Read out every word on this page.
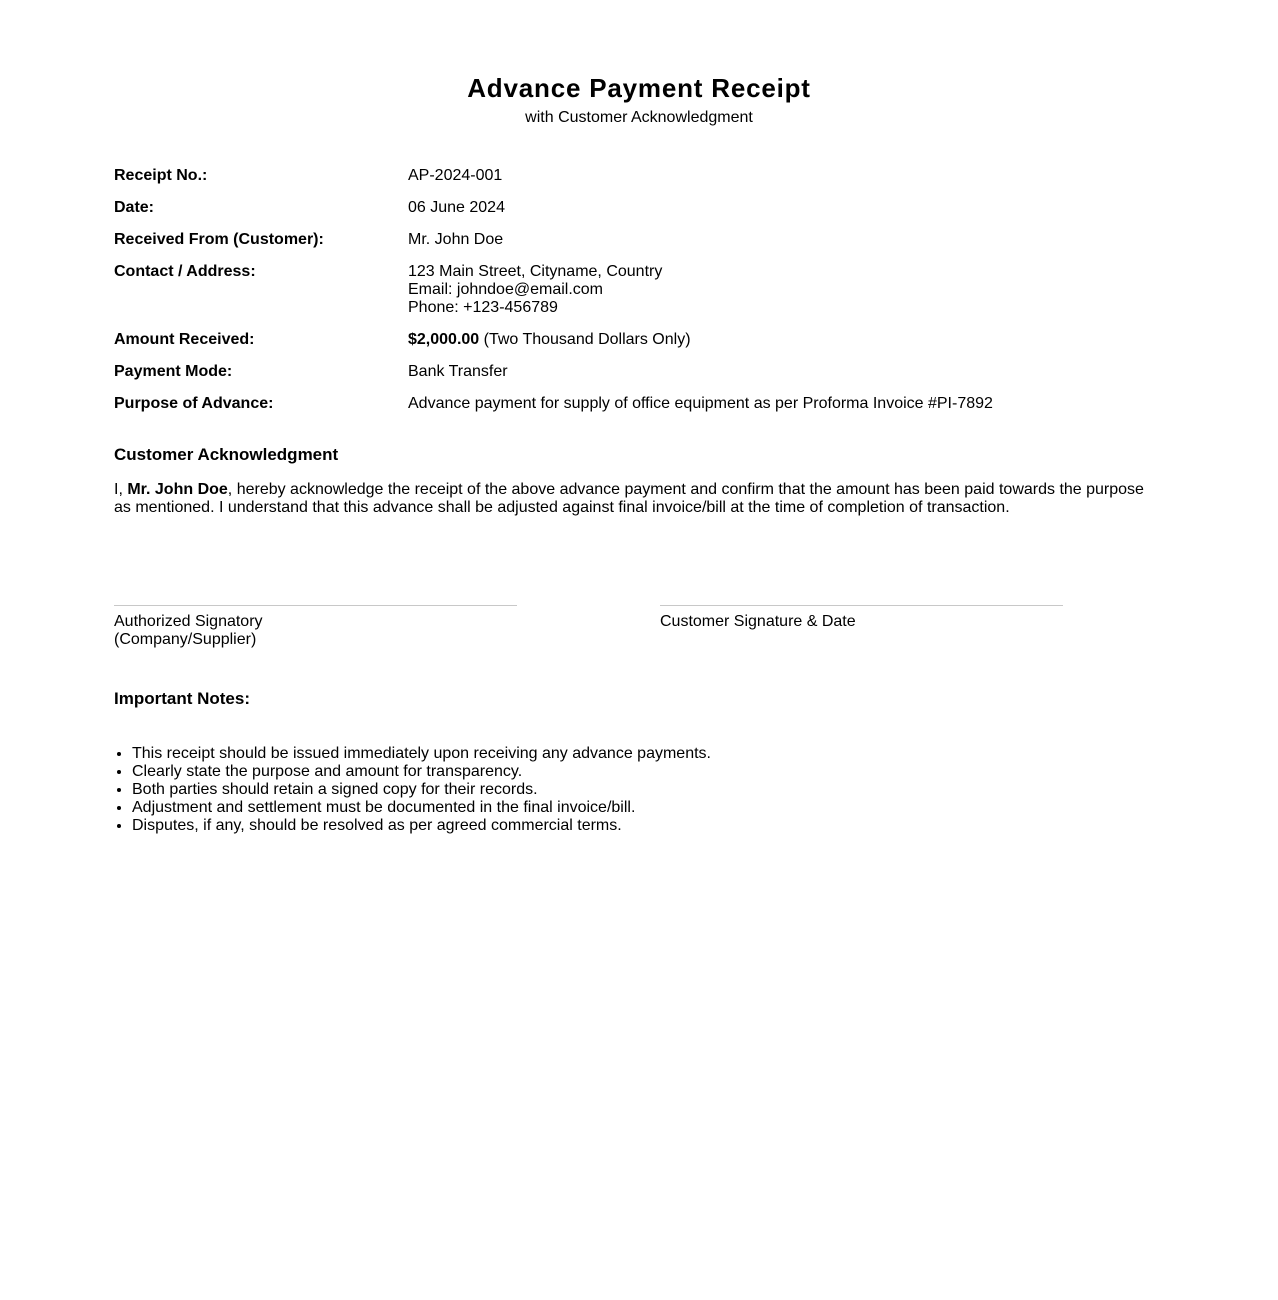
Advance Payment Receipt
with Customer Acknowledgment
Receipt No.:	AP-2024-001
Date:	06 June 2024
Received From (Customer):	Mr. John Doe
Contact / Address:	123 Main Street, Cityname, Country
Email: johndoe@email.com
Phone: +123-456789
Amount Received:	$2,000.00 (Two Thousand Dollars Only)
Payment Mode:	Bank Transfer
Purpose of Advance:	Advance payment for supply of office equipment as per Proforma Invoice #PI-7892
Customer Acknowledgment
I, Mr. John Doe, hereby acknowledge the receipt of the above advance payment and confirm that the amount has been paid towards the purpose as mentioned. I understand that this advance shall be adjusted against final invoice/bill at the time of completion of transaction.
Authorized Signatory
(Company/Supplier)
Customer Signature & Date
Important Notes:
• This receipt should be issued immediately upon receiving any advance payments.
• Clearly state the purpose and amount for transparency.
• Both parties should retain a signed copy for their records.
• Adjustment and settlement must be documented in the final invoice/bill.
• Disputes, if any, should be resolved as per agreed commercial terms.
